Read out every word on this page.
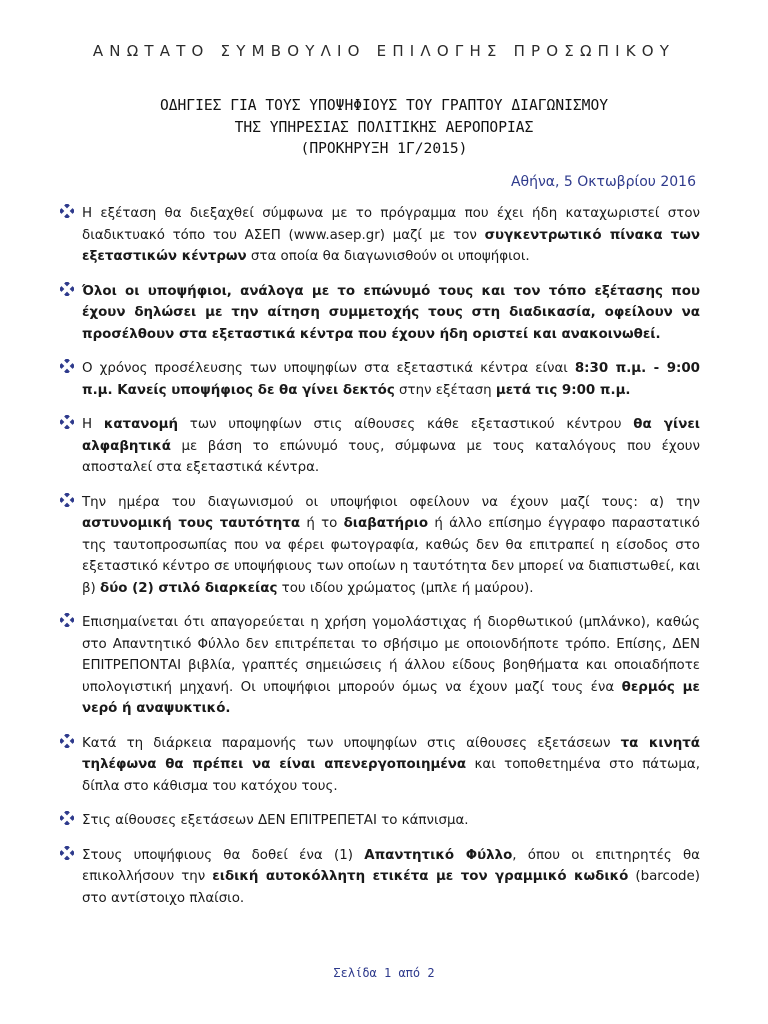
ΑΝΩΤΑΤΟ ΣΥΜΒΟΥΛΙΟ ΕΠΙΛΟΓΗΣ ΠΡΟΣΩΠΙΚΟΥ
ΟΔΗΓΙΕΣ ΓΙΑ ΤΟΥΣ ΥΠΟΨΗΦΙΟΥΣ ΤΟΥ ΓΡΑΠΤΟΥ ΔΙΑΓΩΝΙΣΜΟΥ
ΤΗΣ ΥΠΗΡΕΣΙΑΣ ΠΟΛΙΤΙΚΗΣ ΑΕΡΟΠΟΡΙΑΣ
(ΠΡΟΚΗΡΥΞΗ 1Γ/2015)
Αθήνα, 5 Οκτωβρίου 2016
Η εξέταση θα διεξαχθεί σύμφωνα με το πρόγραμμα που έχει ήδη καταχωριστεί στον διαδικτυακό τόπο του ΑΣΕΠ (www.asep.gr) μαζί με τον συγκεντρωτικό πίνακα των εξεταστικών κέντρων στα οποία θα διαγωνισθούν οι υποψήφιοι.
Όλοι οι υποψήφιοι, ανάλογα με το επώνυμό τους και τον τόπο εξέτασης που έχουν δηλώσει με την αίτηση συμμετοχής τους στη διαδικασία, οφείλουν να προσέλθουν στα εξεταστικά κέντρα που έχουν ήδη οριστεί και ανακοινωθεί.
Ο χρόνος προσέλευσης των υποψηφίων στα εξεταστικά κέντρα είναι 8:30 π.μ. - 9:00 π.μ. Κανείς υποψήφιος δε θα γίνει δεκτός στην εξέταση μετά τις 9:00 π.μ.
Η κατανομή των υποψηφίων στις αίθουσες κάθε εξεταστικού κέντρου θα γίνει αλφαβητικά με βάση το επώνυμό τους, σύμφωνα με τους καταλόγους που έχουν αποσταλεί στα εξεταστικά κέντρα.
Την ημέρα του διαγωνισμού οι υποψήφιοι οφείλουν να έχουν μαζί τους: α) την αστυνομική τους ταυτότητα ή το διαβατήριο ή άλλο επίσημο έγγραφο παραστατικό της ταυτοπροσωπίας που να φέρει φωτογραφία, καθώς δεν θα επιτραπεί η είσοδος στο εξεταστικό κέντρο σε υποψήφιους των οποίων η ταυτότητα δεν μπορεί να διαπιστωθεί, και β) δύο (2) στιλό διαρκείας του ιδίου χρώματος (μπλε ή μαύρου).
Επισημαίνεται ότι απαγορεύεται η χρήση γομολάστιχας ή διορθωτικού (μπλάνκο), καθώς στο Απαντητικό Φύλλο δεν επιτρέπεται το σβήσιμο με οποιονδήποτε τρόπο. Επίσης, ΔΕΝ ΕΠΙΤΡΕΠΟΝΤΑΙ βιβλία, γραπτές σημειώσεις ή άλλου είδους βοηθήματα και οποιαδήποτε υπολογιστική μηχανή. Οι υποψήφιοι μπορούν όμως να έχουν μαζί τους ένα θερμός με νερό ή αναψυκτικό.
Κατά τη διάρκεια παραμονής των υποψηφίων στις αίθουσες εξετάσεων τα κινητά τηλέφωνα θα πρέπει να είναι απενεργοποιημένα και τοποθετημένα στο πάτωμα, δίπλα στο κάθισμα του κατόχου τους.
Στις αίθουσες εξετάσεων ΔΕΝ ΕΠΙΤΡΕΠΕΤΑΙ το κάπνισμα.
Στους υποψήφιους θα δοθεί ένα (1) Απαντητικό Φύλλο, όπου οι επιτηρητές θα επικολλήσουν την ειδική αυτοκόλλητη ετικέτα με τον γραμμικό κωδικό (barcode) στο αντίστοιχο πλαίσιο.
Σελίδα 1 από 2
